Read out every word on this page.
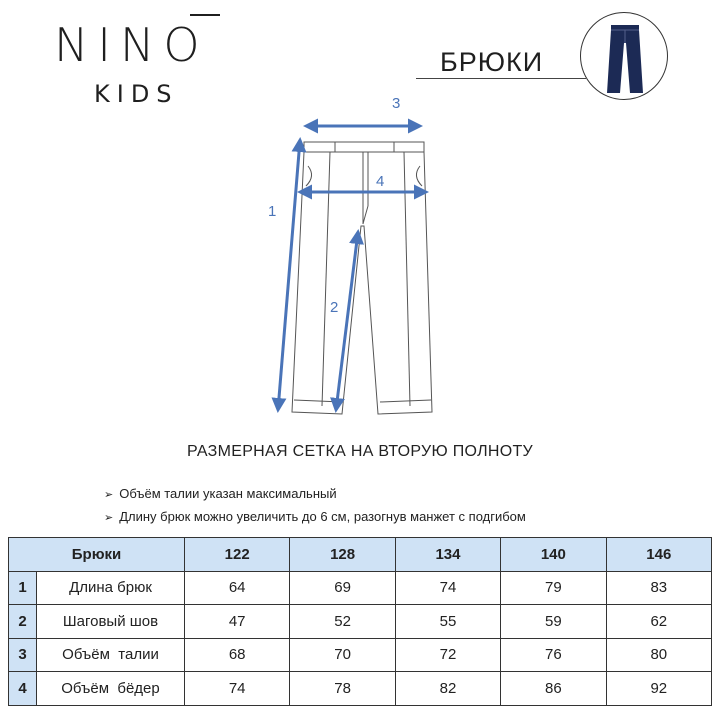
NINO
KIDS
БРЮКИ
3
4
1
2
РАЗМЕРНАЯ СЕТКА НА ВТОРУЮ ПОЛНОТУ
➢ Объём талии указан максимальный
➢ Длину брюк можно увеличить до 6 см, разогнув манжет с подгибом
Брюки		122	128	134	140	146
1	Длина брюк	64	69	74	79	83
2	Шаговый шов	47	52	55	59	62
3	Объём  талии	68	70	72	76	80
4	Объём  бёдер	74	78	82	86	92
